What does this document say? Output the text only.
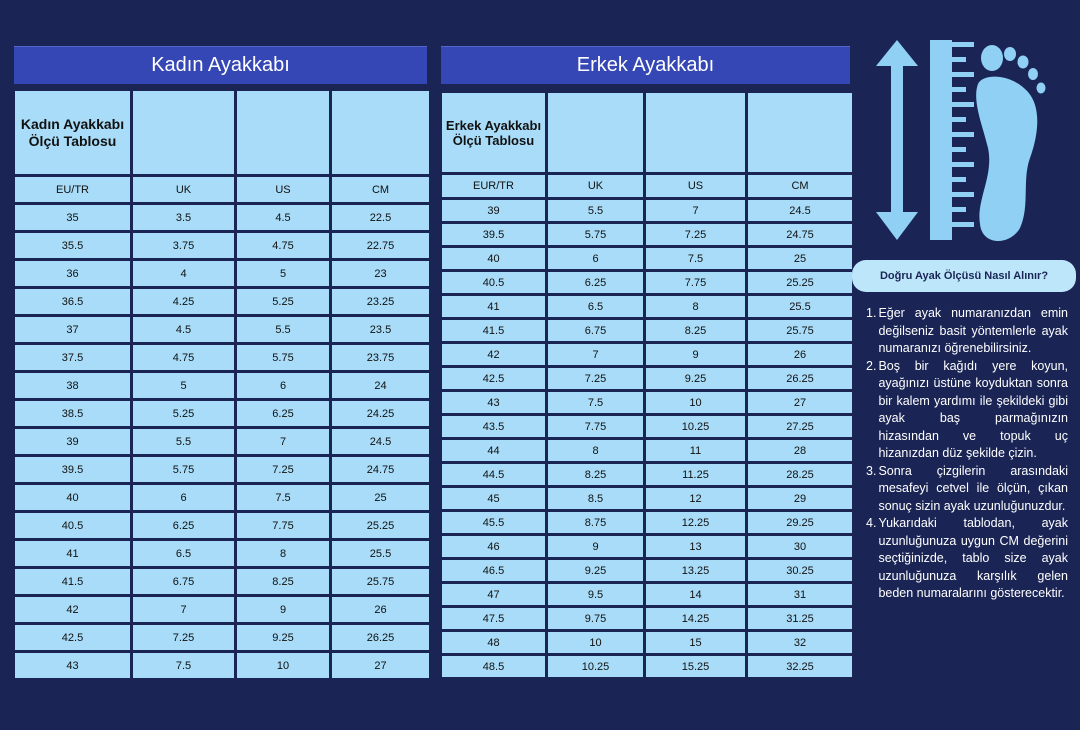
Kadın Ayakkabı	Erkek Ayakkabı
Kadın Ayakkabı Ölçü Tablosu			
EU/TR	UK	US	CM
35	3.5	4.5	22.5
35.5	3.75	4.75	22.75
36	4	5	23
36.5	4.25	5.25	23.25
37	4.5	5.5	23.5
37.5	4.75	5.75	23.75
38	5	6	24
38.5	5.25	6.25	24.25
39	5.5	7	24.5
39.5	5.75	7.25	24.75
40	6	7.5	25
40.5	6.25	7.75	25.25
41	6.5	8	25.5
41.5	6.75	8.25	25.75
42	7	9	26
42.5	7.25	9.25	26.25
43	7.5	10	27
Erkek Ayakkabı Ölçü Tablosu			
EUR/TR	UK	US	CM
39	5.5	7	24.5
39.5	5.75	7.25	24.75
40	6	7.5	25
40.5	6.25	7.75	25.25
41	6.5	8	25.5
41.5	6.75	8.25	25.75
42	7	9	26
42.5	7.25	9.25	26.25
43	7.5	10	27
43.5	7.75	10.25	27.25
44	8	11	28
44.5	8.25	11.25	28.25
45	8.5	12	29
45.5	8.75	12.25	29.25
46	9	13	30
46.5	9.25	13.25	30.25
47	9.5	14	31
47.5	9.75	14.25	31.25
48	10	15	32
48.5	10.25	15.25	32.25
Doğru Ayak Ölçüsü Nasıl Alınır?
1. Eğer ayak numaranızdan emin değilseniz basit yöntemlerle ayak numaranızı öğrenebilirsiniz.
2. Boş bir kağıdı yere koyun, ayağınızı üstüne koyduktan sonra bir kalem yardımı ile şekildeki gibi ayak baş parmağınızın hizasından ve topuk uç hizanızdan düz şekilde çizin.
3. Sonra çizgilerin arasındaki mesafeyi cetvel ile ölçün, çıkan sonuç sizin ayak uzunluğunuzdur.
4. Yukarıdaki tablodan, ayak uzunluğunuza uygun CM değerini seçtiğinizde, tablo size ayak uzunluğunuza karşılık gelen beden numaralarını gösterecektir.
